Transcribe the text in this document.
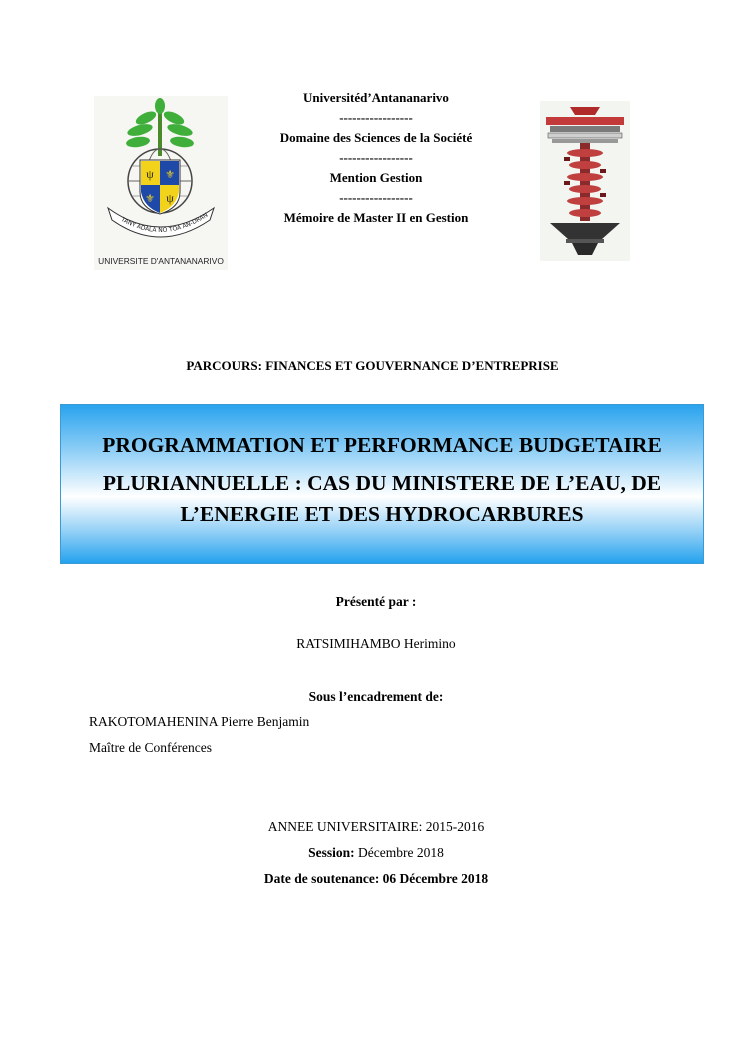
Universitéd’Antananarivo
-----------------
Domaine des Sciences de la Société
-----------------
Mention Gestion
-----------------
Mémoire de Master II en Gestion
ψ ⚜
⚜ ψ
TANY ADALA NO TOA AN-DRAN
UNIVERSITE D'ANTANANARIVO
PARCOURS: FINANCES ET GOUVERNANCE D’ENTREPRISE
PROGRAMMATION ET PERFORMANCE BUDGETAIRE
PLURIANNUELLE : CAS DU MINISTERE DE L’EAU, DE
L’ENERGIE ET DES HYDROCARBURES
Présenté par :
RATSIMIHAMBO Herimino
Sous l’encadrement de:
RAKOTOMAHENINA Pierre Benjamin
Maître de Conférences
ANNEE UNIVERSITAIRE: 2015-2016
Session: Décembre 2018
Date de soutenance: 06 Décembre 2018
